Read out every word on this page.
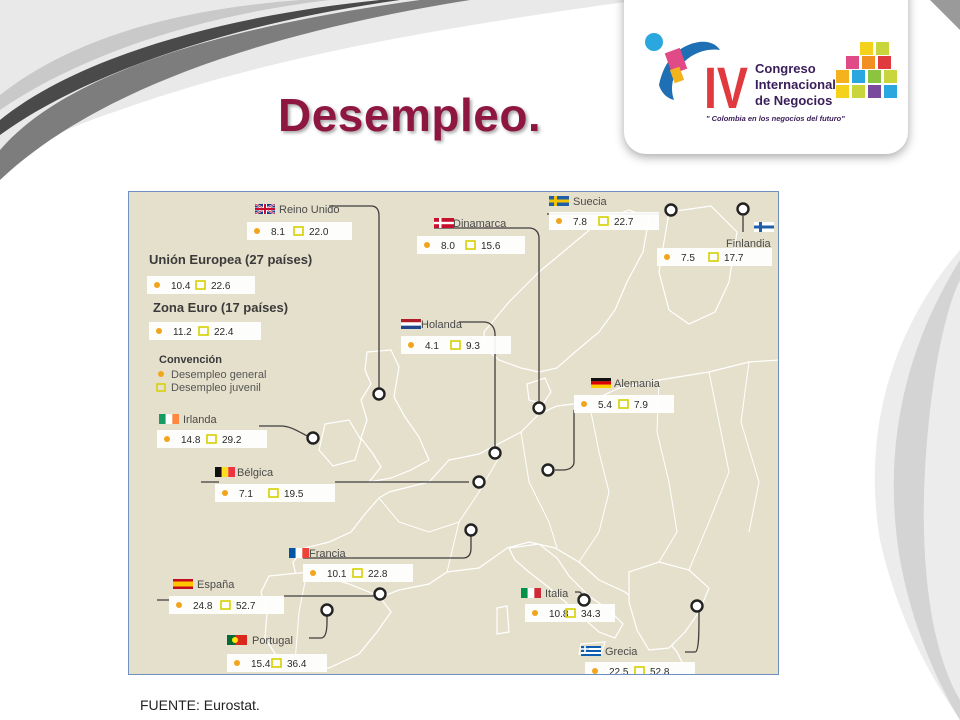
Desempleo.	IV Congreso
Internacional
de Negocios
" Colombia en los negocios del futuro"
8.1 22.0
7.8	22.7
8.0	15.6
7.5	17.7
4.1	9.3
5.4 7.9
14.8 29.2
7.1	19.5
10.1 22.8
24.8 52.7
10.8 34.3
15.4 36.4
22.5 52.8
Reino Unido
Suecia
Dinamarca
Finlandia
Holanda
Alemania
Irlanda
Bélgica
Francia
España
Italia
Portugal
Grecia
Unión Europea (27 países)
10.4 22.6
Zona Euro (17 países)
11.2 22.4
Convención
Desempleo general
Desempleo juvenil
FUENTE: Eurostat.
